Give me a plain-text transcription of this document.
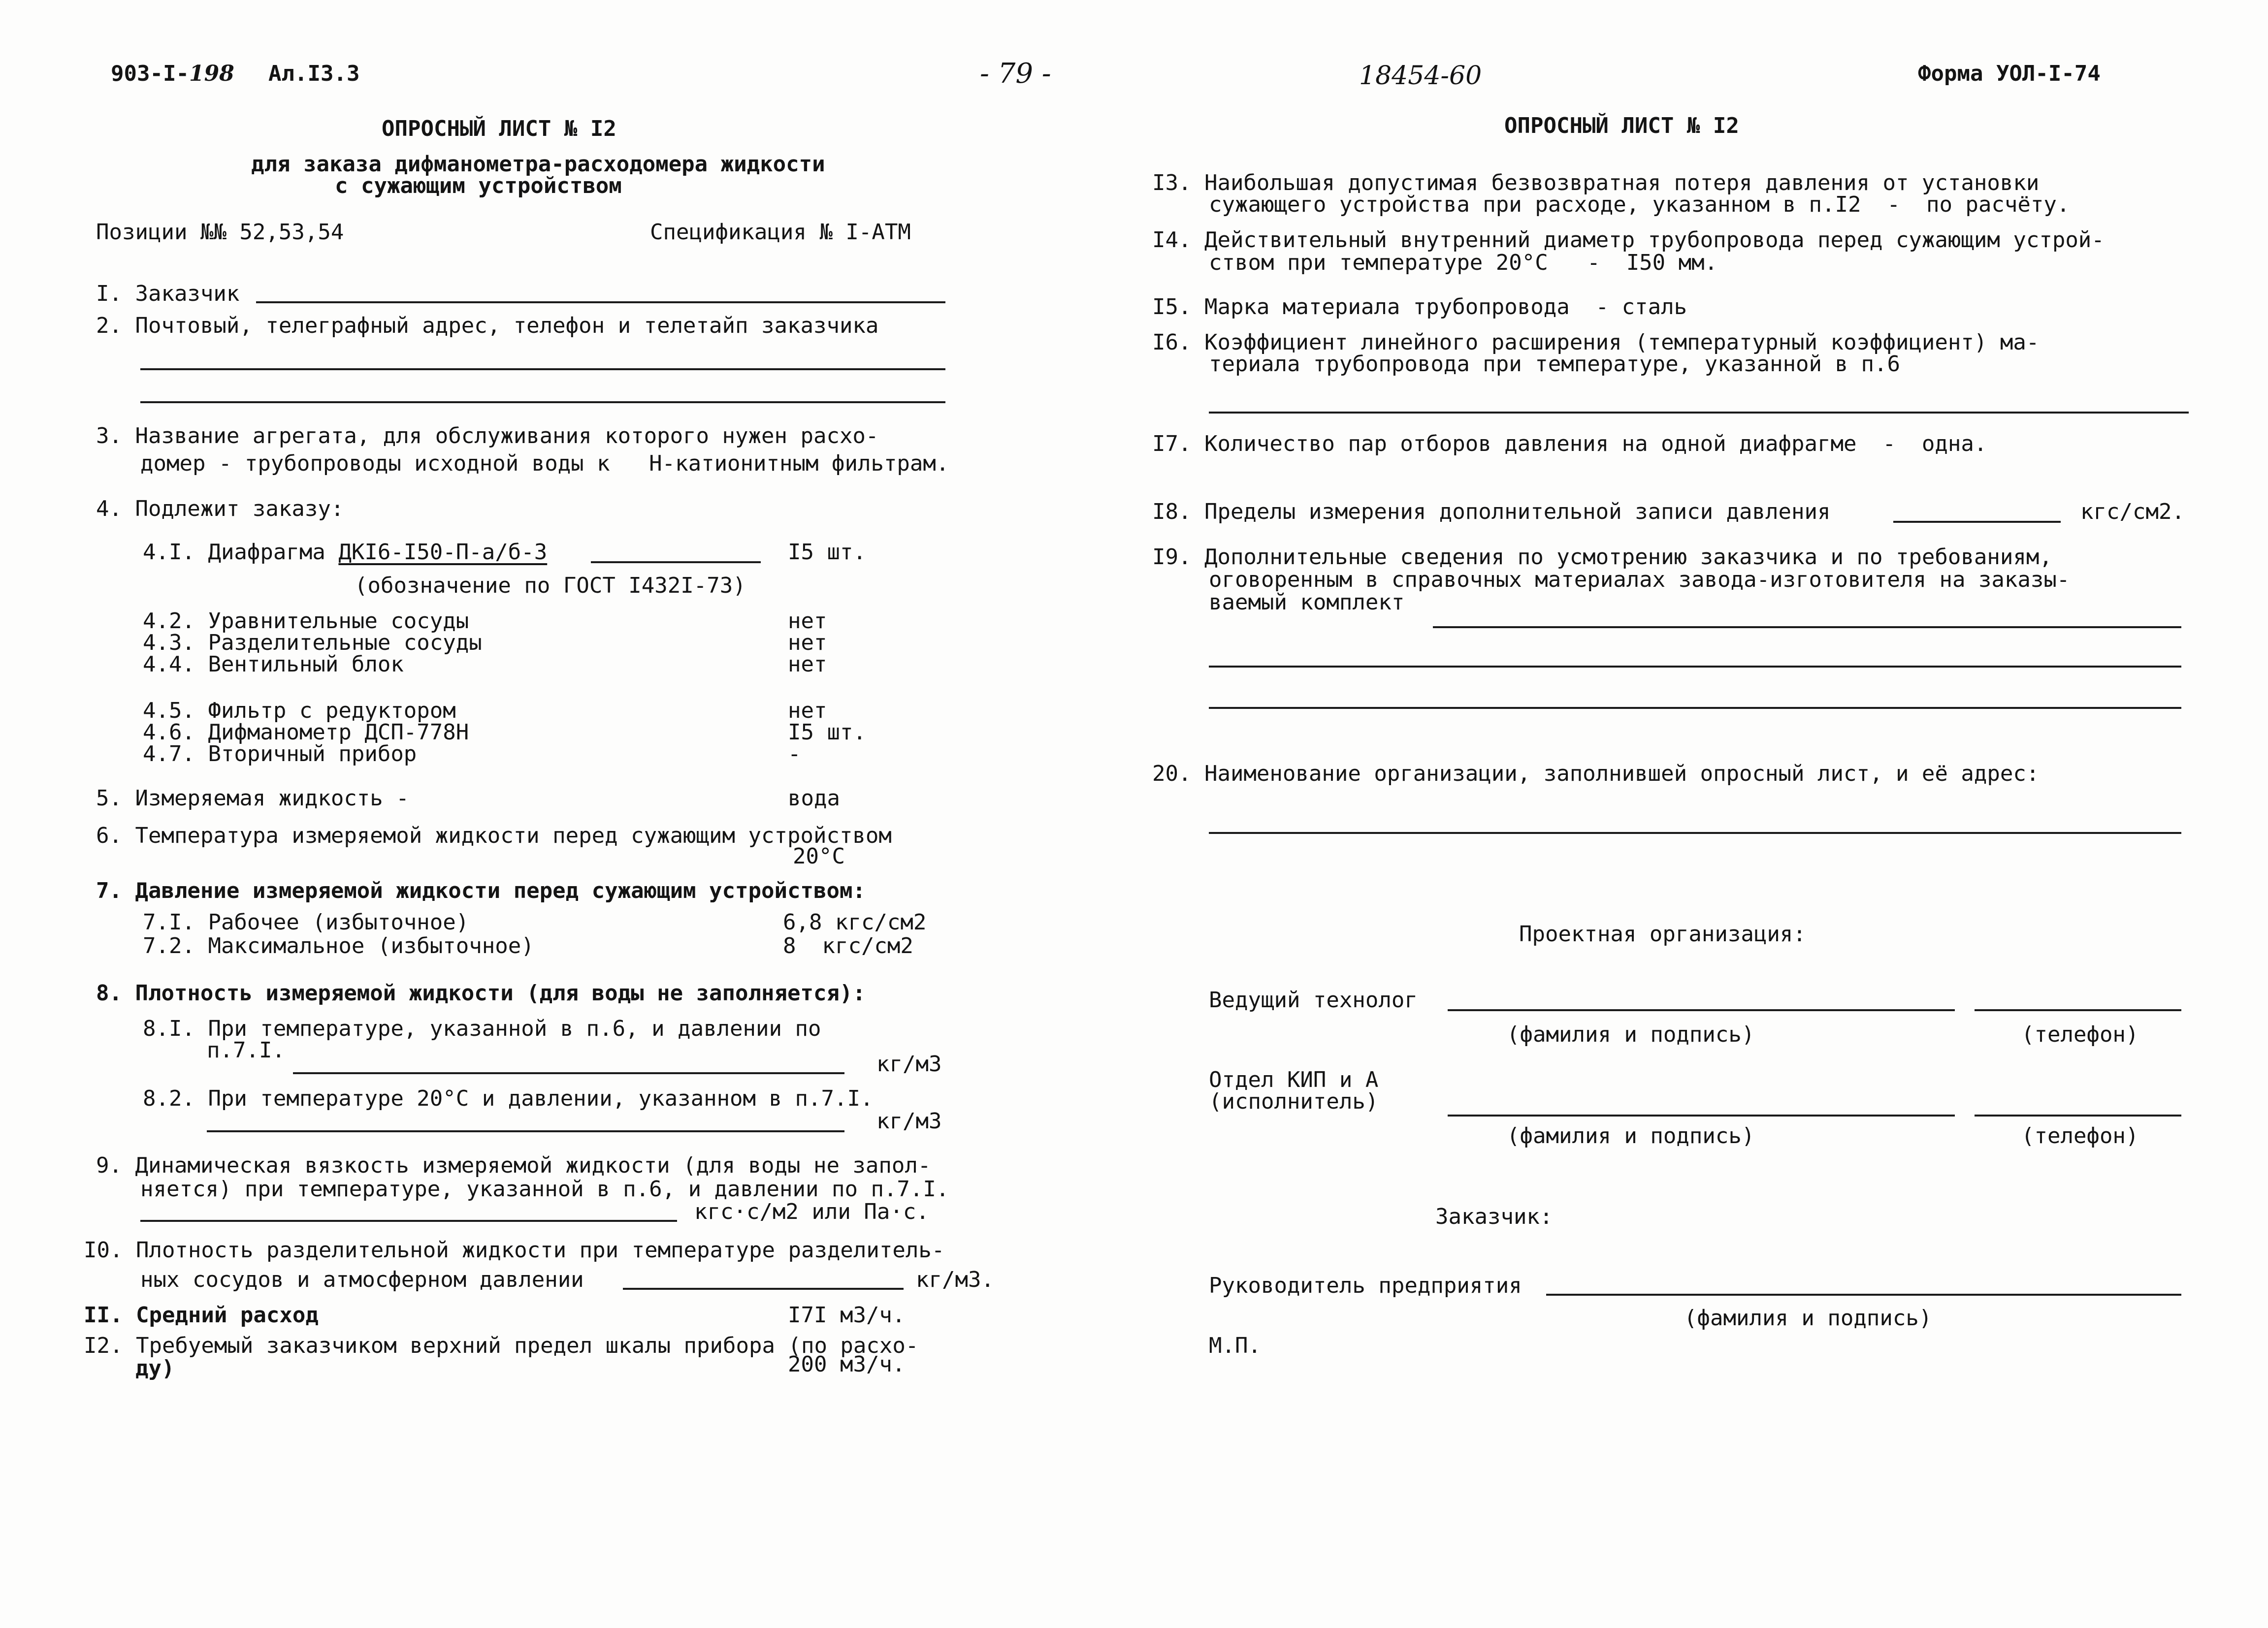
903-I-198 Ал.I3.3
ОПРОСНЫЙ ЛИСТ № I2
для заказа дифманометра-расходомера жидкости
с сужающим устройством
Позиции №№ 52,53,54	Спецификация № I-АТМ
I. Заказчик
2. Почтовый, телеграфный адрес, телефон и телетайп заказчика
3. Название агрегата, для обслуживания которого нужен расхо-
домер - трубопроводы исходной воды к   Н-катионитным фильтрам.
4. Подлежит заказу:
4.I. Диафрагма ДКI6-I50-П-а/б-3	I5 шт.
(обозначение по ГОСТ I432I-73)
4.2. Уравнительные сосуды	нет
4.3. Разделительные сосуды	нет
4.4. Вентильный блок	нет
4.5. Фильтр с редуктором	нет
4.6. Дифманометр ДСП-778Н	I5 шт.
4.7. Вторичный прибор	-
5. Измеряемая жидкость -	вода
6. Температура измеряемой жидкости перед сужающим устройством
20°С
7. Давление измеряемой жидкости перед сужающим устройством:
7.I. Рабочее (избыточное)	6,8 кгс/см2
7.2. Максимальное (избыточное)	8  кгс/см2
8. Плотность измеряемой жидкости (для воды не заполняется):
8.I. При температуре, указанной в п.6, и давлении по
п.7.I.
кг/м3
8.2. При температуре 20°С и давлении, указанном в п.7.I.
кг/м3
9. Динамическая вязкость измеряемой жидкости (для воды не запол-
няется) при температуре, указанной в п.6, и давлении по п.7.I.
кгс·с/м2 или Па·с.
I0. Плотность разделительной жидкости при температуре разделитель-
ных сосудов и атмосферном давлении	кг/м3.
II. Средний расход	I7I м3/ч.
I2. Требуемый заказчиком верхний предел шкалы прибора (по расхо-
ду)	200 м3/ч.
- 79 -	18454-60	Форма УОЛ-I-74
ОПРОСНЫЙ ЛИСТ № I2
I3. Наибольшая допустимая безвозвратная потеря давления от установки
сужающего устройства при расходе, указанном в п.I2  -  по расчёту.
I4. Действительный внутренний диаметр трубопровода перед сужающим устрой-
ством при температуре 20°С   -  I50 мм.
I5. Марка материала трубопровода  - сталь
I6. Коэффициент линейного расширения (температурный коэффициент) ма-
териала трубопровода при температуре, указанной в п.6
I7. Количество пар отборов давления на одной диафрагме  -  одна.
I8. Пределы измерения дополнительной записи давления	кгс/см2.
I9. Дополнительные сведения по усмотрению заказчика и по требованиям,
оговоренным в справочных материалах завода-изготовителя на заказы-
ваемый комплект
20. Наименование организации, заполнившей опросный лист, и её адрес:
Проектная организация:
Ведущий технолог
(фамилия и подпись)	(телефон)
Отдел КИП и А
(исполнитель)
(фамилия и подпись)	(телефон)
Заказчик:
Руководитель предприятия
(фамилия и подпись)
М.П.
